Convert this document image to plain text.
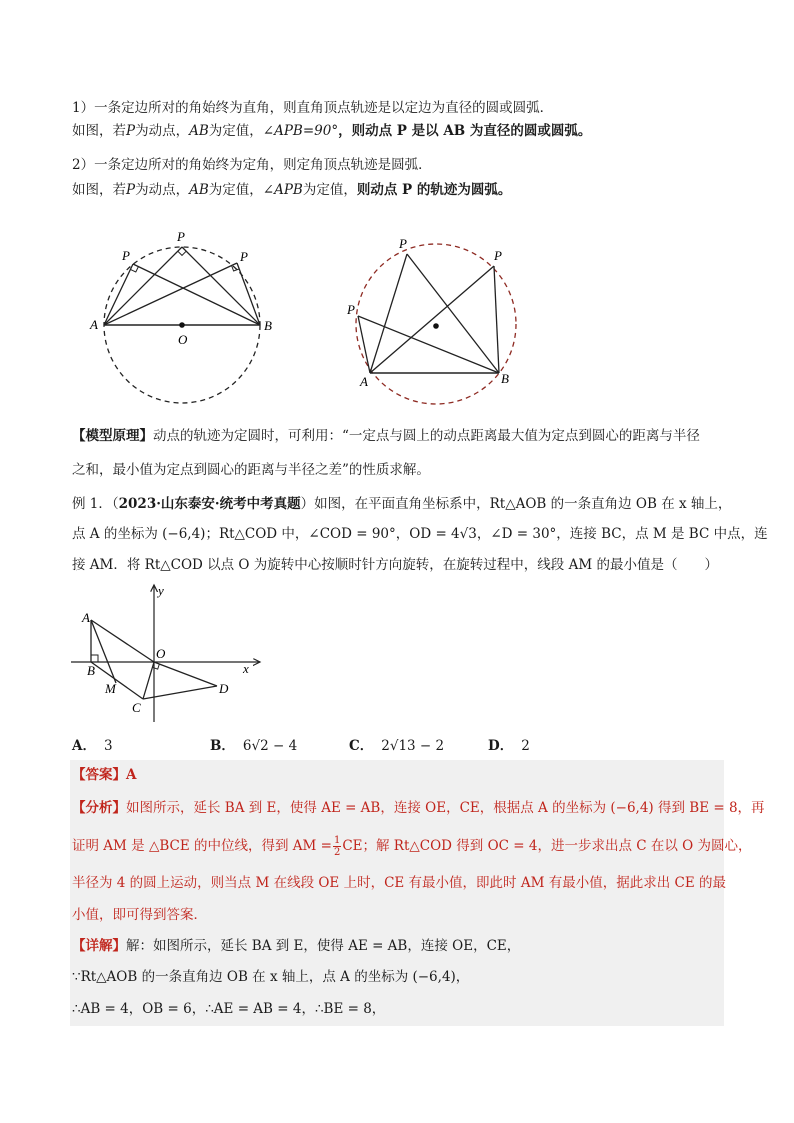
1）一条定边所对的角始终为直角，则直角顶点轨迹是以定边为直径的圆或圆弧．
如图，若P为动点，AB为定值，∠APB=90°，则动点 P 是以 AB 为直径的圆或圆弧。
2）一条定边所对的角始终为定角，则定角顶点轨迹是圆弧．
如图，若P为动点，AB为定值，∠APB为定值，则动点 P 的轨迹为圆弧。
P
P
P
A	B
O
P
P
P
A	B
【模型原理】动点的轨迹为定圆时，可利用：“一定点与圆上的动点距离最大值为定点到圆心的距离与半径
之和，最小值为定点到圆心的距离与半径之差”的性质求解。
例 1．（2023·山东泰安·统考中考真题）如图，在平面直角坐标系中，Rt△AOB 的一条直角边 OB 在 x 轴上，
点 A 的坐标为 (−6,4)；Rt△COD 中，∠COD = 90°，OD = 4√3，∠D = 30°，连接 BC，点 M 是 BC 中点，连
接 AM．将 Rt△COD 以点 O 为旋转中心按顺时针方向旋转，在旋转过程中，线段 AM 的最小值是（　　）
y
x
A
B
O
M
C
D
A． 3	B． 6√2 − 4	C． 2√13 − 2	D． 2
【答案】A
【分析】如图所示，延长 BA 到 E，使得 AE = AB，连接 OE，CE，根据点 A 的坐标为 (−6,4) 得到 BE = 8，再
证明 AM 是 △BCE 的中位线，得到 AM = $\frac{1}{2}$ CE；解 Rt△COD 得到 OC = 4，进一步求出点 C 在以 O 为圆心，
半径为 4 的圆上运动，则当点 M 在线段 OE 上时，CE 有最小值，即此时 AM 有最小值，据此求出 CE 的最
小值，即可得到答案．
【详解】解：如图所示，延长 BA 到 E，使得 AE = AB，连接 OE，CE，
∵Rt△AOB 的一条直角边 OB 在 x 轴上，点 A 的坐标为 (−6,4)，
∴AB = 4，OB = 6，∴AE = AB = 4，∴BE = 8，
